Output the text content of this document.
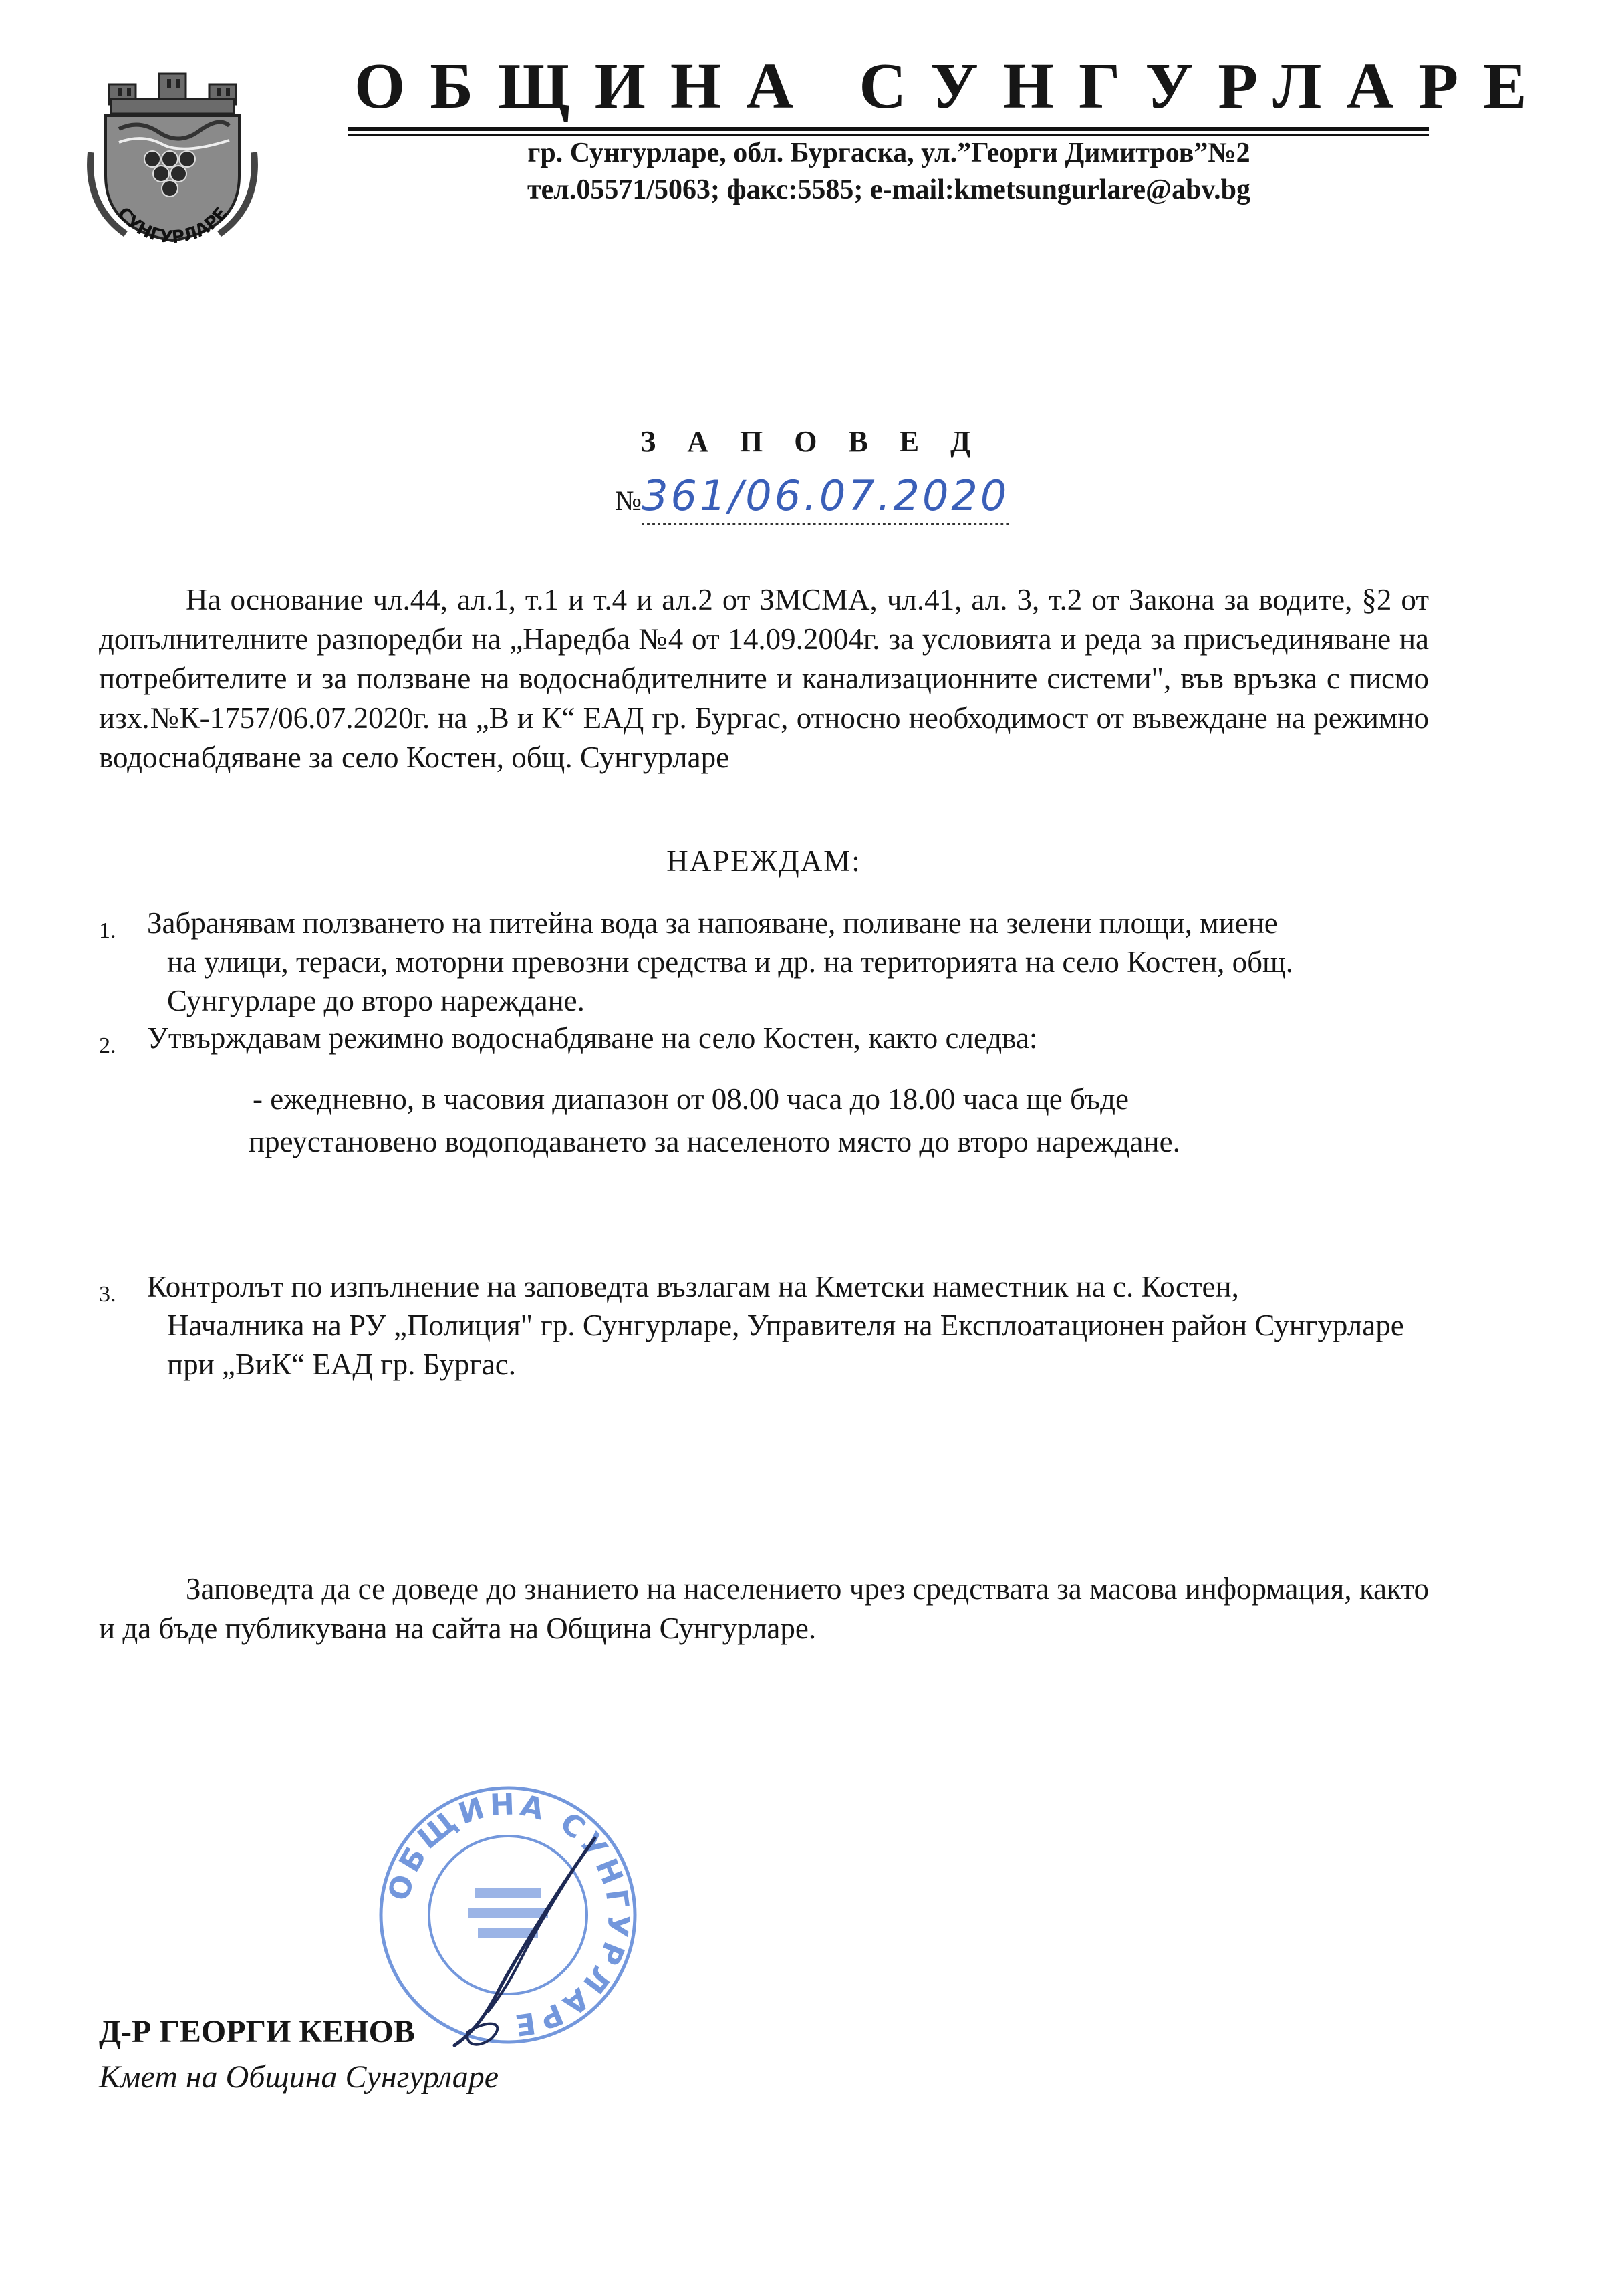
СУНГУРЛАРЕ
ОБЩИНА СУНГУРЛАРЕ
гр. Сунгурларе, обл. Бургаска, ул.”Георги Димитров”№2
тел.05571/5063; факс:5585; e-mail:kmetsungurlare@abv.bg
З А П О В Е Д
№361/06.07.2020
На основание чл.44, ал.1, т.1 и т.4 и ал.2 от ЗМСМА, чл.41, ал. 3, т.2 от Закона за водите, §2 от допълнителните разпоредби на „Наредба №4 от 14.09.2004г. за условията и реда за присъединяване на потребителите и за ползване на водоснабдителните и канализационните системи", във връзка с писмо изх.№К-1757/06.07.2020г. на „В и К“ ЕАД гр. Бургас, относно необходимост от въвеждане на режимно водоснабдяване за село Костен, общ. Сунгурларе
НАРЕЖДАМ:
1. Забранявам ползването на питейна вода за напояване, поливане на зелени площи, миене
на улици, тераси, моторни превозни средства и др. на територията на село Костен, общ. Сунгурларе до второ нареждане.
2. Утвърждавам режимно водоснабдяване на село Костен, както следва:
- ежедневно, в часовия диапазон от 08.00 часа до 18.00 часа ще бъде
преустановено водоподаването за населеното място до второ нареждане.
3. Контролът по изпълнение на заповедта възлагам на Кметски наместник на с. Костен,
Началника на РУ „Полиция" гр. Сунгурларе, Управителя на Експлоатационен район Сунгурларе при „ВиК“ ЕАД гр. Бургас.
Заповедта да се доведе до знанието на населението чрез средствата за масова информация, както и да бъде публикувана на сайта на Община Сунгурларе.
ОБЩИНА СУНГУРЛАРЕ
Д-Р ГЕОРГИ КЕНОВ
Кмет на Община Сунгурларе
